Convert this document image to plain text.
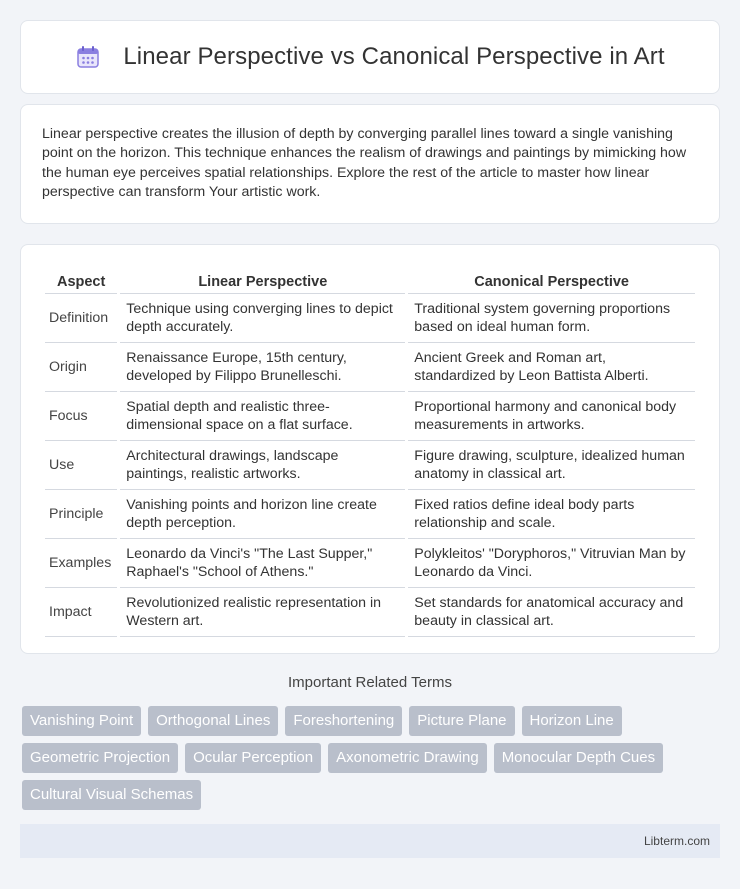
Linear Perspective vs Canonical Perspective in Art

Linear perspective creates the illusion of depth by converging parallel lines toward a single vanishing point on the horizon. This technique enhances the realism of drawings and paintings by mimicking how the human eye perceives spatial relationships. Explore the rest of the article to master how linear perspective can transform Your artistic work.

Aspect	Linear Perspective	Canonical Perspective
Definition	Technique using converging lines to depict depth accurately.	Traditional system governing proportions based on ideal human form.
Origin	Renaissance Europe, 15th century, developed by Filippo Brunelleschi.	Ancient Greek and Roman art, standardized by Leon Battista Alberti.
Focus	Spatial depth and realistic three-dimensional space on a flat surface.	Proportional harmony and canonical body measurements in artworks.
Use	Architectural drawings, landscape paintings, realistic artworks.	Figure drawing, sculpture, idealized human anatomy in classical art.
Principle	Vanishing points and horizon line create depth perception.	Fixed ratios define ideal body parts relationship and scale.
Examples	Leonardo da Vinci's "The Last Supper," Raphael's "School of Athens."	Polykleitos' "Doryphoros," Vitruvian Man by Leonardo da Vinci.
Impact	Revolutionized realistic representation in Western art.	Set standards for anatomical accuracy and beauty in classical art.
Important Related Terms
Vanishing Point	Orthogonal Lines	Foreshortening	Picture Plane	Horizon Line
Geometric Projection	Ocular Perception	Axonometric Drawing	Monocular Depth Cues
Cultural Visual Schemas
Libterm.com
